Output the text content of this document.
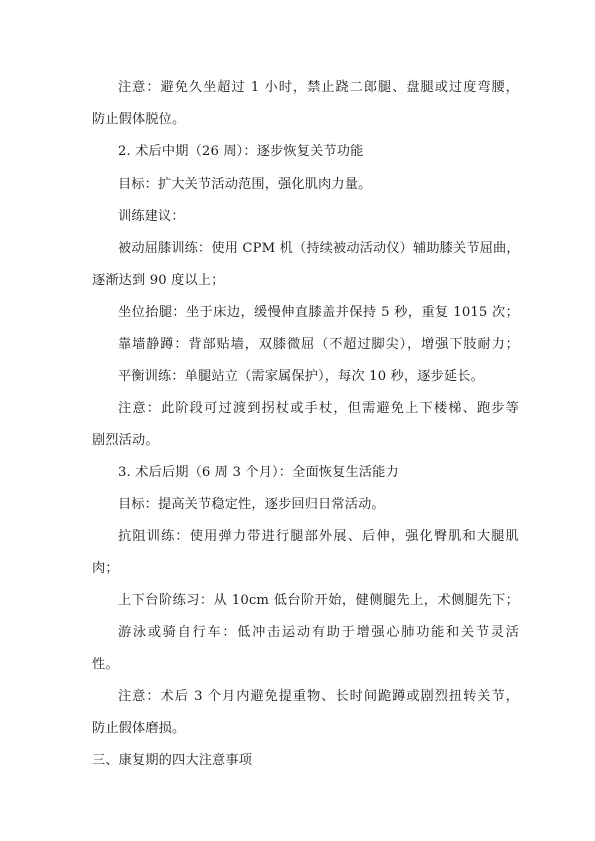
注意：避免久坐超过 1 小时，禁止跷二郎腿、盘腿或过度弯腰，
防止假体脱位。
2. 术后中期（26 周）：逐步恢复关节功能
目标：扩大关节活动范围，强化肌肉力量。
训练建议：
被动屈膝训练：使用 CPM 机（持续被动活动仪）辅助膝关节屈曲，
逐渐达到 90 度以上；
坐位抬腿：坐于床边，缓慢伸直膝盖并保持 5 秒，重复 1015 次；
靠墙静蹲：背部贴墙，双膝微屈（不超过脚尖），增强下肢耐力；
平衡训练：单腿站立（需家属保护），每次 10 秒，逐步延长。
注意：此阶段可过渡到拐杖或手杖，但需避免上下楼梯、跑步等
剧烈活动。
3. 术后后期（6 周 3 个月）：全面恢复生活能力
目标：提高关节稳定性，逐步回归日常活动。
抗阻训练：使用弹力带进行腿部外展、后伸，强化臀肌和大腿肌
肉；
上下台阶练习：从 10cm 低台阶开始，健侧腿先上，术侧腿先下；
游泳或骑自行车：低冲击运动有助于增强心肺功能和关节灵活
性。
注意：术后 3 个月内避免提重物、长时间跪蹲或剧烈扭转关节，
防止假体磨损。
三、康复期的四大注意事项
